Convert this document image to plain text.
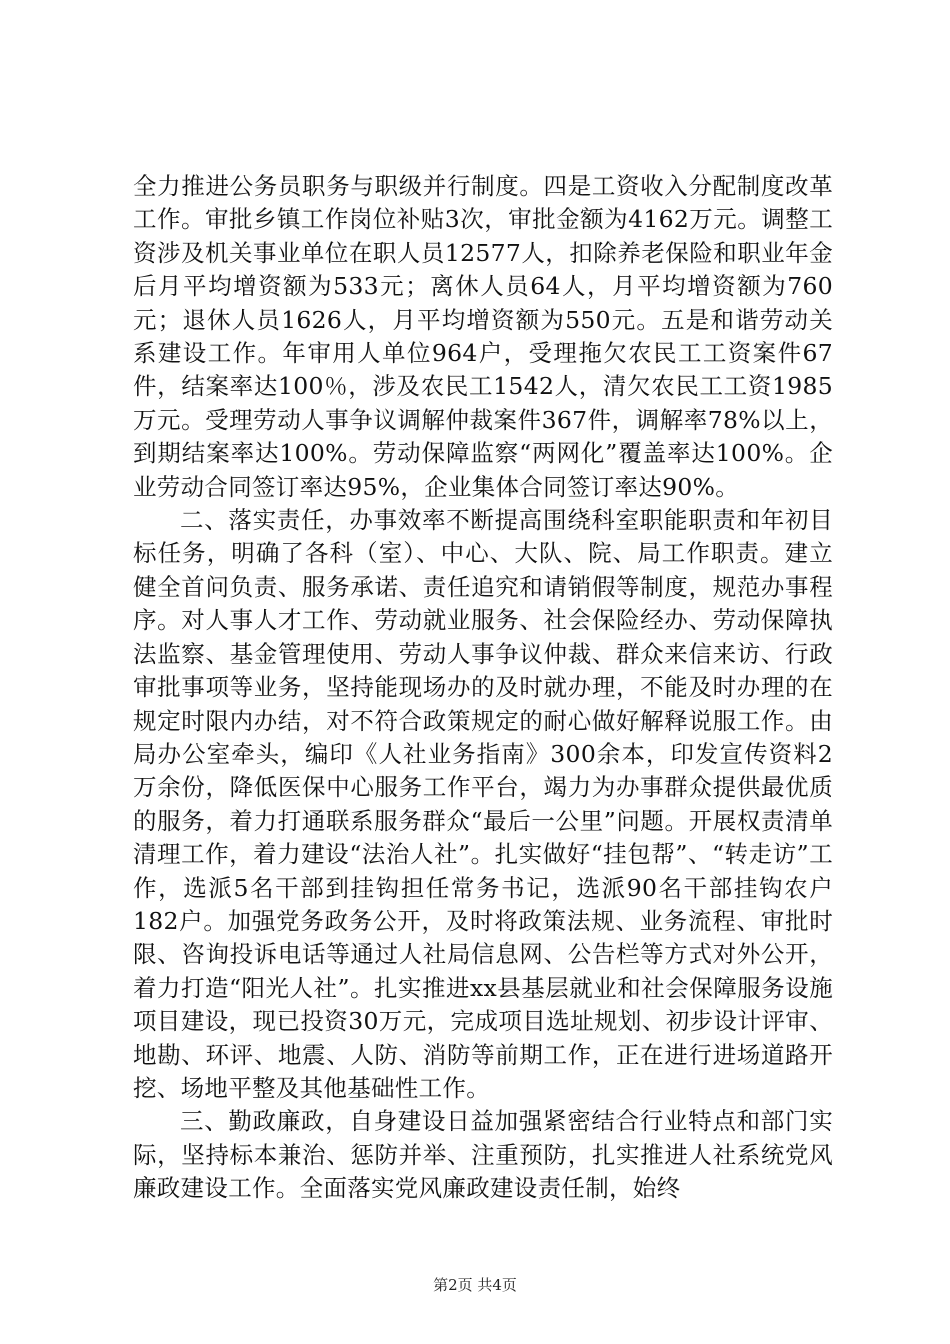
全力推进公务员职务与职级并行制度。四是工资收入分配制度改革工作。审批乡镇工作岗位补贴3次，审批金额为4162万元。调整工资涉及机关事业单位在职人员12577人，扣除养老保险和职业年金后月平均增资额为533元；离休人员64人，月平均增资额为760元；退休人员1626人，月平均增资额为550元。五是和谐劳动关系建设工作。年审用人单位964户，受理拖欠农民工工资案件67件，结案率达100％，涉及农民工1542人，清欠农民工工资1985万元。受理劳动人事争议调解仲裁案件367件，调解率78%以上，到期结案率达100%。劳动保障监察“两网化”覆盖率达100%。企业劳动合同签订率达95%，企业集体合同签订率达90%。

二、落实责任，办事效率不断提高围绕科室职能职责和年初目标任务，明确了各科（室）、中心、大队、院、局工作职责。建立健全首问负责、服务承诺、责任追究和请销假等制度，规范办事程序。对人事人才工作、劳动就业服务、社会保险经办、劳动保障执法监察、基金管理使用、劳动人事争议仲裁、群众来信来访、行政审批事项等业务，坚持能现场办的及时就办理，不能及时办理的在规定时限内办结，对不符合政策规定的耐心做好解释说服工作。由局办公室牵头，编印《人社业务指南》300余本，印发宣传资料2万余份，降低医保中心服务工作平台，竭力为办事群众提供最优质的服务，着力打通联系服务群众“最后一公里”问题。开展权责清单清理工作，着力建设“法治人社”。扎实做好“挂包帮”、“转走访”工作，选派5名干部到挂钩担任常务书记，选派90名干部挂钩农户182户。加强党务政务公开，及时将政策法规、业务流程、审批时限、咨询投诉电话等通过人社局信息网、公告栏等方式对外公开，着力打造“阳光人社”。扎实推进xx县基层就业和社会保障服务设施项目建设，现已投资30万元，完成项目选址规划、初步设计评审、地勘、环评、地震、人防、消防等前期工作，正在进行进场道路开挖、场地平整及其他基础性工作。

三、勤政廉政，自身建设日益加强紧密结合行业特点和部门实际，坚持标本兼治、惩防并举、注重预防，扎实推进人社系统党风廉政建设工作。全面落实党风廉政建设责任制，始终

第2页 共4页
